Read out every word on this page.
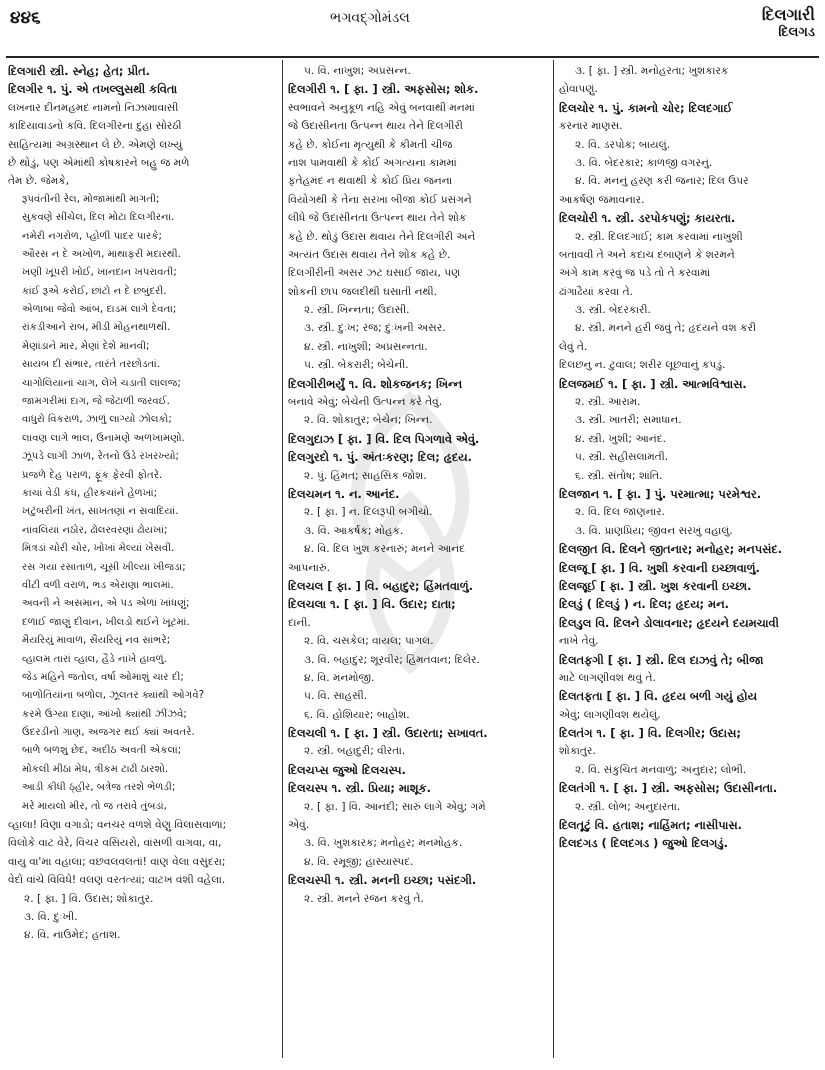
૪૪૬	ભગવદ્ગોમંડલ	દિલગારી
દિલગડ
દિલગારી સ્ત્રી. સ્નેહ; હેત; પ્રીત.
દિલગીર ૧. પું. એ તખલ્લુસથી કવિતા
લખનાર દીનમહમદ નામનો નિઝામાવાસી
કાદિયાવાડનો કવિ. દિલગીરના દુહા સોરઠી
સાહિત્યમાં અગ્રસ્થાન લે છે. એમણે લખ્યું
છે થોડું, પણ એમાંથી કોષકારને બહુ જ મળે
તેમ છે. જેમકે,
રૂપવંતીની રેલ, મોજામાંથી માગતી;
સુકવણે સીંચેલ, દિલ મોટા દિલગીરના.
નમેરી નગરોળ, પ્હોળી પાદર પારકે;
ઔરસ ન દે અખોળ, માથાફરી મદારથી.
ખણી ખૂંપરી ખોઈ, ખાનદાન ખપરાવતી;
કાંઈ રૂએ કરોઈ, છાંટો ન દે છબુંદરી.
એળાબા જેવો આંબ, દાડમ લાગે દેવતા;
રાંકડીઆને રાબ, મીડી મોહનથાળથી.
મેણાંડાને માર, મેણાં દેશે માનવી;
સાયબ દી સંભાર, તારંતે તરછોડતાં.
ચાગોલિયાનાં ચાગ, લેખે ચડાતી લાલજ;
જામગરીમાં દાગ, જે જેટાળી જરવઈ.
વાધુરો વિકરાળ, ઝાળું લાગ્યો ઝોલકો;
લાવણ લાગે ભાલ, ઉનામણે અળખામણો.
ઝૂંપડે લાગી ઝાળ, રેતનો ઉડે રખરખ્યો;
પ્રજળે દેહ પરાળ, ફૂંક ફેરવી ફોતરે.
કાચાં વેડી કંધ, હીરકચાંને હેળખાં;
ખટુંબરીની ખંત, સાખતણાં ન સવાદિયાં.
નાવલિયા નઠોર, ઢોલરવરણાં ઢોયખાં;
મિત્રડાં ચોરી ચોર, ખોખાં મેલ્યાં ખેસવી.
રસ ગયા રસાતાળ, ચૂસી ખીલ્યા ખીજડા;
વીંટી વળી વરાળ, ભડ એરાણા ભાલમાં.
અવની ને અસમાન, એ પડ એળાં ખાંધણું;
દળાઈ જાણું દીવાન, ખીલડો થઈને ખૂટમાં.
મૈયરિયું માવાળ, સૈયરિયું નવ સાંભરે;
વ્હાલમ તારાં વ્હાલ, હૈડે નાંખે હાવળું.
જેડ મહિને જતોલ, વર્ષા ઓમાશું ચાર દી;
બાળોતિયાંના બળોલ, ઝૂલતર ક્યાંથી ઓગવે?
કરમે ઉગ્યા દાણા, આંખો ક્યાંથી ઝીંઝવે;
ઉંદરડીનો ગાણ, અજગર થઈ ક્યાં અવતરે.
બાળે બળશું છેદ, અદીઠ અવતી એકલાં;
મોકલી મીઠા મેધ, ત્રીકમ ટાઢી ઠારશો.
આડી કીધી ઠ્હીર, બત્રેજ તરશે ભેળડી;
મરે માયલો મીર, તો જ તરાવે તુંબડાં,
વ્હાલા! વિણા વગાડો; વનચર વળશે વેણુ વિલાસવાળાં;
વિલોકે વાટ વેરે, વિચર વસિયરો, વાંસળી વાગવા, વા,
વાયુ વા'મા વહાલા; વછવલવલતાં! વાણ વેલા વસુંદરા;
વેદો વાંચે વિવિધે! વલણ વરતત્યાં; વાટખ વંશી વહેલા.
૨. [ ફા. ] વિ. ઉદાસ; શોકાતુર.
૩. વિ. દુઃખી.
૪. વિ. નાઉમેદ; હતાશ.
૫. વિ. નાખુશ; અપ્રસન્ન.
દિલગીરી ૧. [ ફા. ] સ્ત્રી. અફસોસ; શોક.
સ્વભાવને અનુકૂળ નહિ એવું બનવાથી મનમાં
જે ઉદાસીનતા ઉત્પન્ન થાય તેને દિલગીરી
કહે છે. કોઈના મૃત્યુથી કે કીમતી ચીજ
નાશ પામવાથી કે કોઈ અગત્યના કામમાં
ફતેહમંદ ન થવાથી કે કોઈ પ્રિય જનના
વિયોગથી કે તેના સરખા બીજા કોઈ પ્રસંગને
લીધે જે ઉદાસીનતા ઉત્પન્ન થાય તેને શોક
કહે છે. થોડું ઉદાસ થવાય તેને દિલગીરી અને
અત્યંત ઉદાસ થવાય તેને શોક કહે છે.
દિલગીરીની અસર ઝટ ઘસાઈ જાય, પણ
શોકની છાપ જલદીથી ઘસાતી નથી.
૨. સ્ત્રી. ખિન્નતા; ઉદાસી.
૩. સ્ત્રી. દુઃખ; રંજ; દુઃખની અસર.
૪. સ્ત્રી. નાખુશી; અપ્રસન્નતા.
૫. સ્ત્રી. બેકરારી; બેચેની.
દિલગીરીભર્યું ૧. વિ. શોકજનક; ખિન્ન
બનાવે એવું; બેચેની ઉત્પન્ન કરે તેવું.
૨. વિ. શોકાતુર; બેચેન; ખિન્ન.
દિલગુદાઝ [ ફા. ] વિ. દિલ પિગળાવે એવું.
દિલગુરદો ૧. પું. અંતઃકરણ; દિલ; હૃદય.
૨. પું. હિંમત; સાહસિક જોશ.
દિલચમન ૧. ન. આનંદ.
૨. [ ફા. ] ન. દિલરૂપી બગીચો.
૩. વિ. આકર્ષક; મોહક.
૪. વિ. દિલ ખુશ કરનારું; મનને આનંદ
આપનારું.
દિલચલ [ ફા. ] વિ. બહાદુર; હિંમતવાળું.
દિલચલા ૧. [ ફા. ] વિ. ઉદાર; દાતા;
દાની.
૨. વિ. ચસકેલ; વાયલ; પાગલ.
૩. વિ. બહાદુર; શૂરવીર; હિંમતવાન; દિલેર.
૪. વિ. મનમોજી.
૫. વિ. સાહસી.
૬. વિ. હોશિયાર; બાહોશ.
દિલચલી ૧. [ ફા. ] સ્ત્રી. ઉદારતા; સખાવત.
૨. સ્ત્રી. બહાદુરી; વીરતા.
દિલચપ્સ જુઓ દિલચસ્પ.
દિલચસ્પ ૧. સ્ત્રી. પ્રિયા; માશૂક.
૨. [ ફા. ] વિ. આનંદી; સારું લાગે એવું; ગમે
એવું.
૩. વિ. ખુશકારક; મનોહર; મનમોહક.
૪. વિ. રમૂજી; હાસ્યાસ્પદ.
દિલચસ્પી ૧. સ્ત્રી. મનની ઇચ્છા; પસંદગી.
૨. સ્ત્રી. મનને રંજન કરવું તે.
૩. [ ફા. ] સ્ત્રી. મનોહરતા; ખુશકારક
હોવાપણું.
દિલચોર ૧. પું. કામનો ચોર; દિલદગાઈ
કરનાર માણસ.
૨. વિ. ડરપોક; બાયલું.
૩. વિ. બેદરકાર; કાળજી વગરનું.
૪. વિ. મનનું હરણ કરી જનાર; દિલ ઉપર
આકર્ષણ જમાવનાર.
દિલચોરી ૧. સ્ત્રી. ડરપોકપણું; કાયરતા.
૨. સ્ત્રી. દિલદગાઈ; કામ કરવામાં નાખુશી
બતાવવી તે અને કદાચ દબાણને કે શરમને
અંગે કામ કરવું જ પડે તો તે કરવામાં
ઢાંગાઢૈયાં કરવા તે.
૩. સ્ત્રી. બેદરકારી.
૪. સ્ત્રી. મનને હરી જવું તે; હૃદયને વશ કરી
લેવું તે.
દિલછનુ ન. ટુવાલ; શરીર લૂછવાનું કપડું.
દિલજમઈ ૧. [ ફા. ] સ્ત્રી. આત્મવિશ્વાસ.
૨. સ્ત્રી. આરામ.
૩. સ્ત્રી. ખાતરી; સમાધાન.
૪. સ્ત્રી. ખુશી; આનંદ.
૫. સ્ત્રી. સહીસલામતી.
૬. સ્ત્રી. સંતોષ; શાંતિ.
દિલજાન ૧. [ ફા. ] પું. પરમાત્મા; પરમેશ્વર.
૨. વિ. દિલ જાણનાર.
૩. વિ. પ્રાણપ્રિય; જીવન સરખું વહાલું.
દિલજીત વિ. દિલને જીતનાર; મનોહર; મનપસંદ.
દિલજૂ [ ફા. ] વિ. ખુશી કરવાની ઇચ્છાવાળું.
દિલજૂઈ [ ફા. ] સ્ત્રી. ખુશ કરવાની ઇચ્છા.
દિલડું ( દિલડું ) ન. દિલ; હૃદય; મન.
દિલડુલ વિ. દિલને ડોલાવનાર; હૃદયને દયમચાવી
નાખે તેવું.
દિલતફગી [ ફા. ] સ્ત્રી. દિલ દાઝવું તે; બીજા
માટે લાગણીવશ થવું તે.
દિલતફતા [ ફા. ] વિ. હૃદય બળી ગયું હોય
એવું; લાગણીવશ થયેલું.
દિલતંગ ૧. [ ફા. ] વિ. દિલગીર; ઉદાસ;
શોકાતુર.
૨. વિ. સંકુચિત મનવાળું; અનુદાર; લોભી.
દિલતંગી ૧. [ ફા. ] સ્ત્રી. અફસોસ; ઉદાસીનતા.
૨. સ્ત્રી. લોભ; અનુદારતા.
દિલતૂટું વિ. હતાશ; નાહિંમત; નાસીપાસ.
દિલદગડ ( દિલદગડ ) જુઓ દિલગડું.
